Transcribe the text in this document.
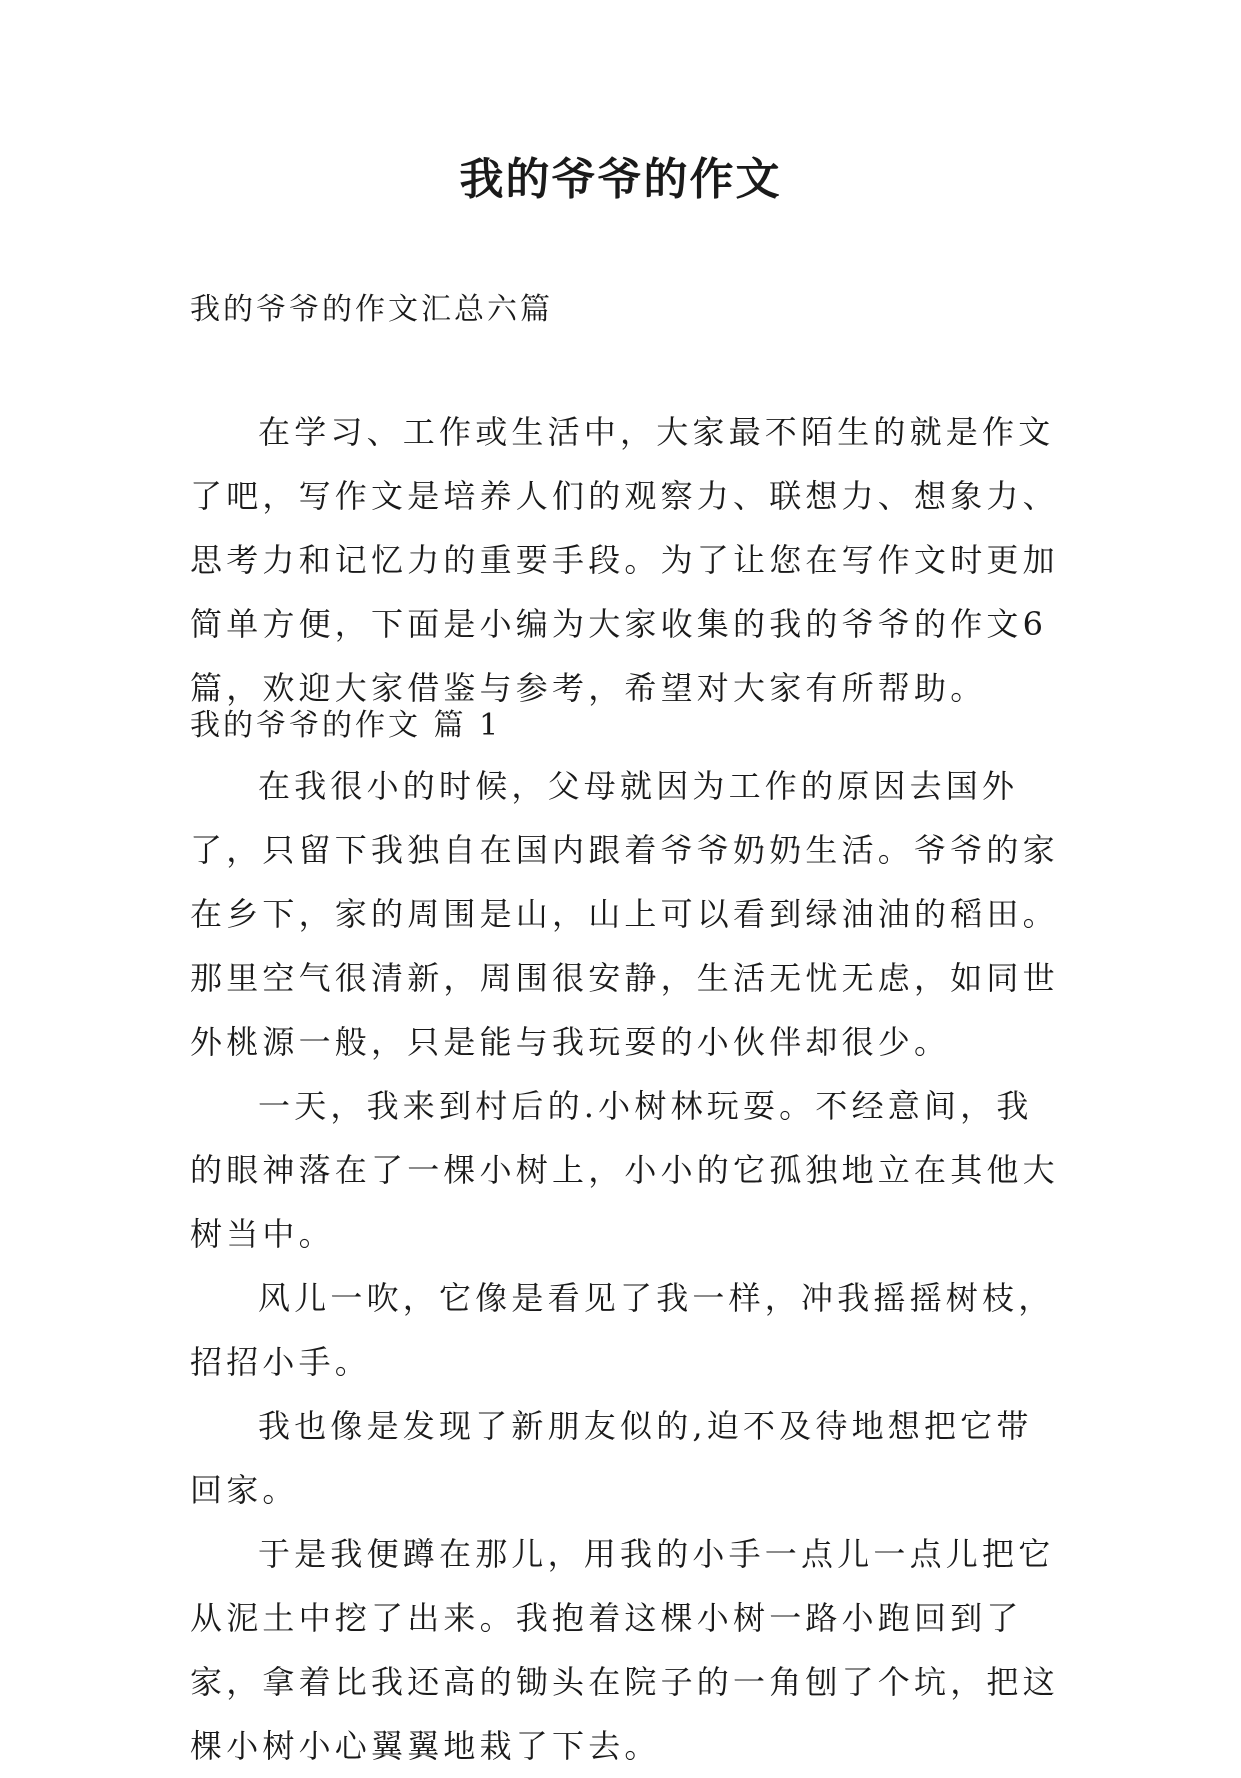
我的爷爷的作文
我的爷爷的作文汇总六篇

在学习、工作或生活中，大家最不陌生的就是作文了吧，写作文是培养人们的观察力、联想力、想象力、思考力和记忆力的重要手段。为了让您在写作文时更加简单方便，下面是小编为大家收集的我的爷爷的作文6篇，欢迎大家借鉴与参考，希望对大家有所帮助。

我的爷爷的作文 篇 1

在我很小的时候，父母就因为工作的原因去国外了，只留下我独自在国内跟着爷爷奶奶生活。爷爷的家在乡下，家的周围是山，山上可以看到绿油油的稻田。那里空气很清新，周围很安静，生活无忧无虑，如同世外桃源一般，只是能与我玩耍的小伙伴却很少。

一天，我来到村后的.小树林玩耍。不经意间，我的眼神落在了一棵小树上，小小的它孤独地立在其他大树当中。

风儿一吹，它像是看见了我一样，冲我摇摇树枝，招招小手。

我也像是发现了新朋友似的,迫不及待地想把它带回家。

于是我便蹲在那儿，用我的小手一点儿一点儿把它从泥土中挖了出来。我抱着这棵小树一路小跑回到了家，拿着比我还高的锄头在院子的一角刨了个坑，把这棵小树小心翼翼地栽了下去。
